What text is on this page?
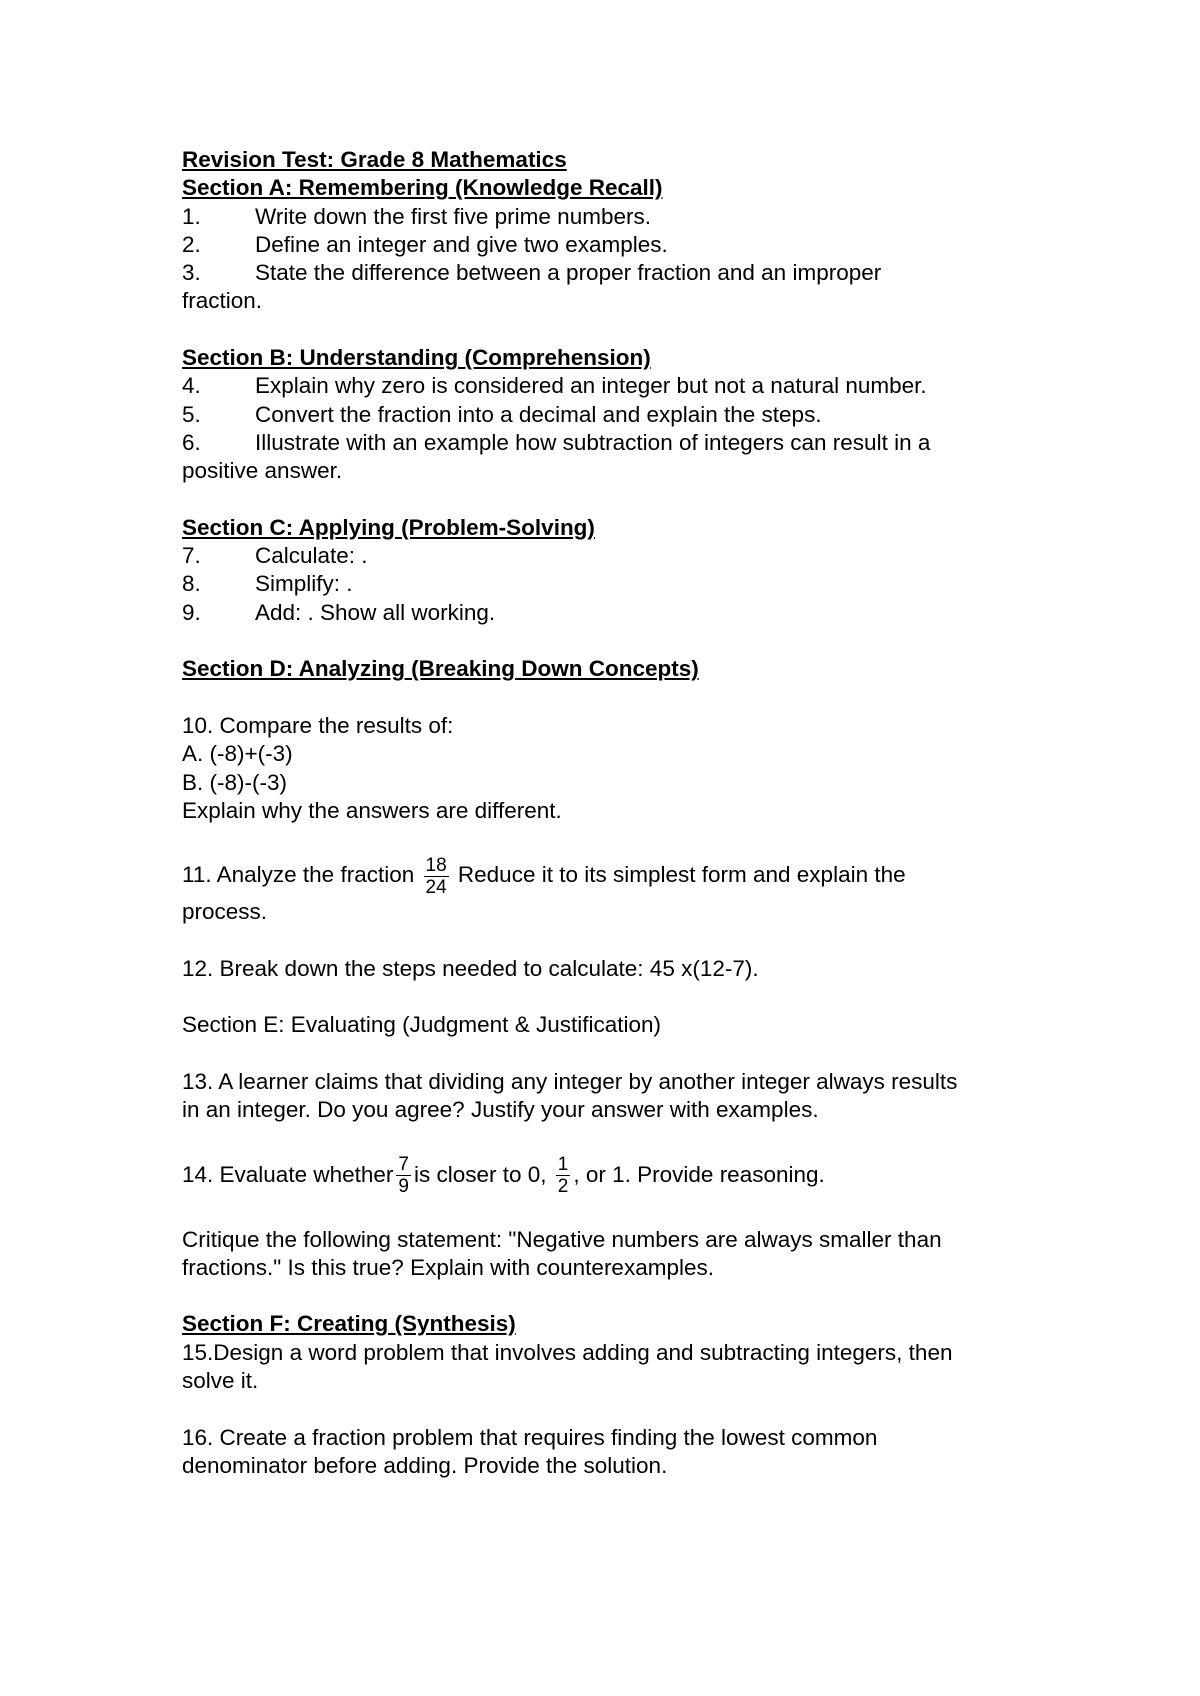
Revision Test: Grade 8 Mathematics

Section A: Remembering (Knowledge Recall)

1. Write down the first five prime numbers.

2. Define an integer and give two examples.

3. State the difference between a proper fraction and an improper

fraction.

Section B: Understanding (Comprehension)

4. Explain why zero is considered an integer but not a natural number.

5. Convert the fraction into a decimal and explain the steps.

6. Illustrate with an example how subtraction of integers can result in a

positive answer.

Section C: Applying (Problem-Solving)

7. Calculate: .

8. Simplify: .

9. Add: . Show all working.

Section D: Analyzing (Breaking Down Concepts)

10. Compare the results of:

A. (-8)+(-3)

B. (-8)-(-3)

Explain why the answers are different.

11. Analyze the fraction $\frac{18}{24}$ Reduce it to its simplest form and explain the

process.

12. Break down the steps needed to calculate: 45 x(12-7).

Section E: Evaluating (Judgment & Justification)

13. A learner claims that dividing any integer by another integer always results

in an integer. Do you agree? Justify your answer with examples.

14. Evaluate whether $\frac{7}{9}$ is closer to 0, $\frac{1}{2}$ , or 1. Provide reasoning.

Critique the following statement: "Negative numbers are always smaller than

fractions." Is this true? Explain with counterexamples.

Section F: Creating (Synthesis)

15.Design a word problem that involves adding and subtracting integers, then

solve it.

16. Create a fraction problem that requires finding the lowest common

denominator before adding. Provide the solution.
